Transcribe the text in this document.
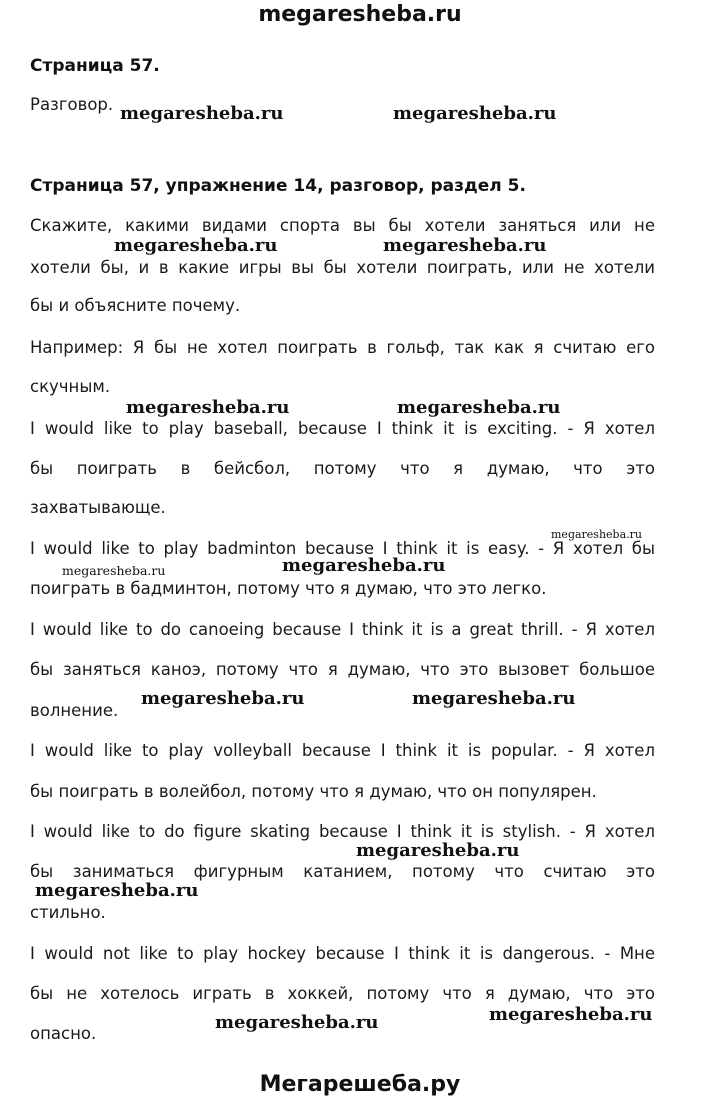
megaresheba.ru
Страница 57.
Разговор.
Страница 57, упражнение 14, разговор, раздел 5.
Скажите, какими видами спорта вы бы хотели заняться или не
хотели бы, и в какие игры вы бы хотели поиграть, или не хотели
бы и объясните почему.
Например: Я бы не хотел поиграть в гольф, так как я считаю его
скучным.
I would like to play baseball, because I think it is exciting. - Я хотел
бы поиграть в бейсбол, потому что я думаю, что это
захватывающе.
I would like to play badminton because I think it is easy. - Я хотел бы
поиграть в бадминтон, потому что я думаю, что это легко.
I would like to do canoeing because I think it is a great thrill. - Я хотел
бы заняться каноэ, потому что я думаю, что это вызовет большое
волнение.
I would like to play volleyball because I think it is popular. - Я хотел
бы поиграть в волейбол, потому что я думаю, что он популярен.
I would like to do figure skating because I think it is stylish. - Я хотел
бы заниматься фигурным катанием, потому что считаю это
стильно.
I would not like to play hockey because I think it is dangerous. - Мне
бы не хотелось играть в хоккей, потому что я думаю, что это
опасно.
megaresheba.ru	megaresheba.ru
megaresheba.ru	megaresheba.ru
megaresheba.ru	megaresheba.ru
megaresheba.ru
megaresheba.ru	megaresheba.ru
megaresheba.ru	megaresheba.ru
megaresheba.ru
megaresheba.ru
megaresheba.ru
megaresheba.ru
Мегарешеба.ру
